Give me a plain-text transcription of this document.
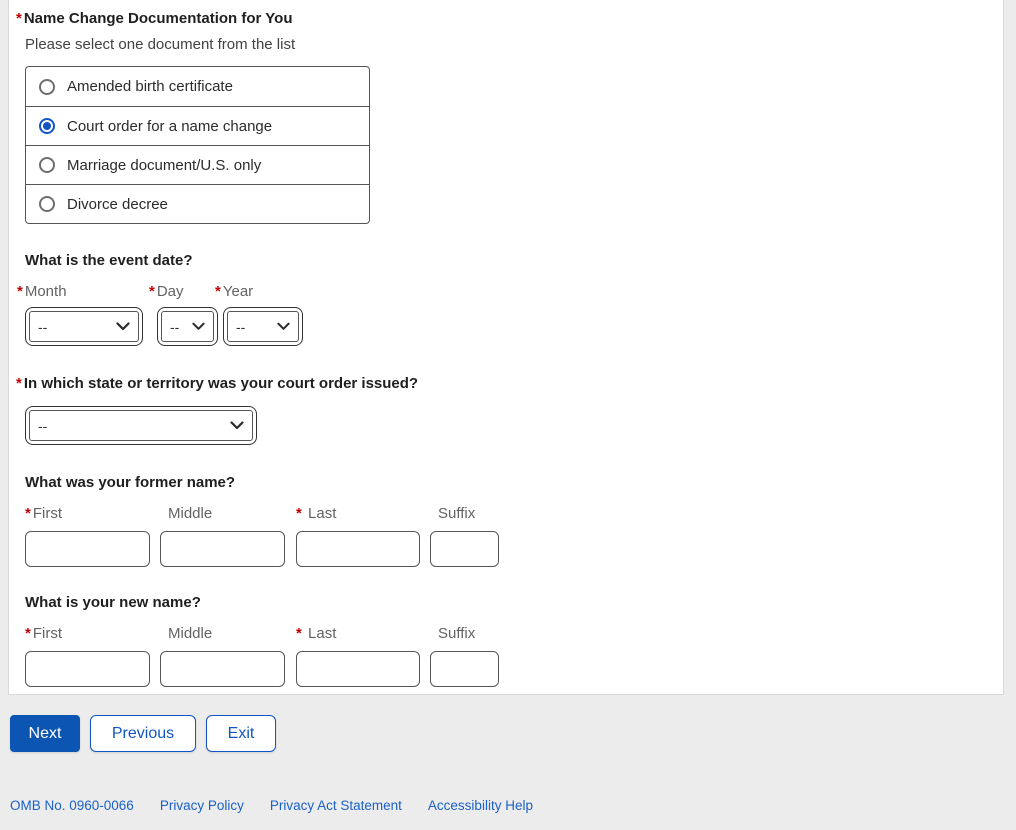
* Name Change Documentation for You
Please select one document from the list
Amended birth certificate
Court order for a name change
Marriage document/U.S. only
Divorce decree
What is the event date?
* Month	* Day	* Year
--	--	--
* In which state or territory was your court order issued?
--
What was your former name?
* First	Middle	* Last	Suffix
What is your new name?
* First	Middle	* Last	Suffix
Next	Previous	Exit
OMB No. 0960-0066 Privacy Policy Privacy Act Statement Accessibility Help
